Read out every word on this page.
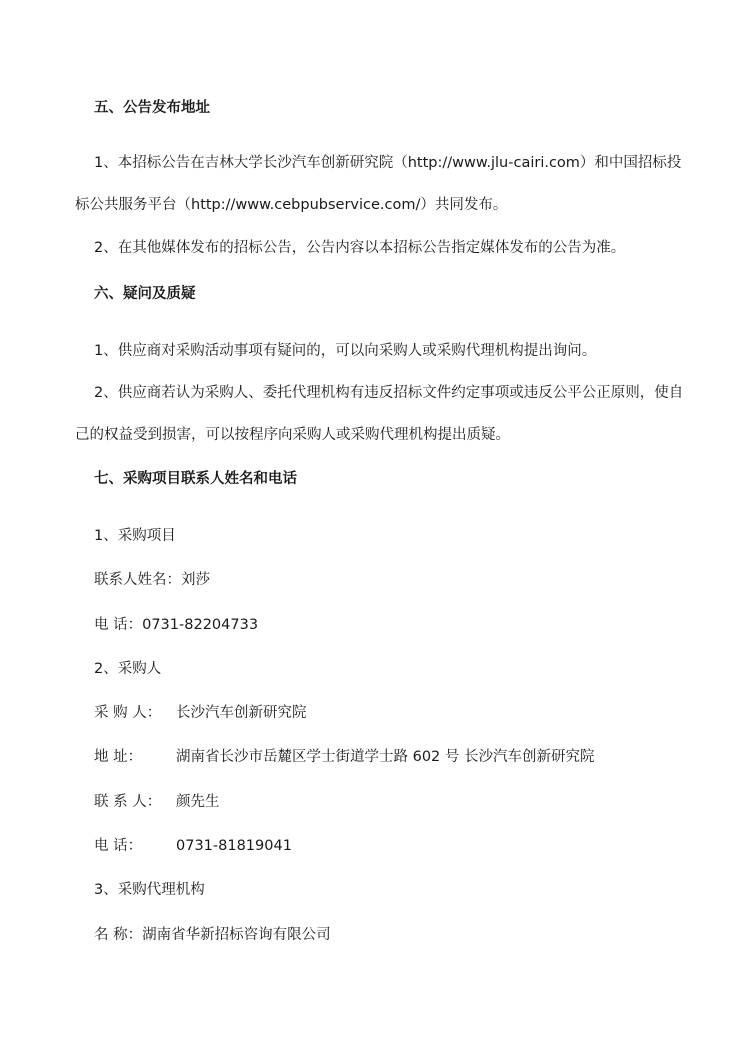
五、公告发布地址
1、本招标公告在吉林大学长沙汽车创新研究院（http://www.jlu-cairi.com）和中国招标投标公共服务平台（http://www.cebpubservice.com/）共同发布。
2、在其他媒体发布的招标公告，公告内容以本招标公告指定媒体发布的公告为准。
六、疑问及质疑
1、供应商对采购活动事项有疑问的，可以向采购人或采购代理机构提出询问。
2、供应商若认为采购人、委托代理机构有违反招标文件约定事项或违反公平公正原则，使自己的权益受到损害，可以按程序向采购人或采购代理机构提出质疑。
七、采购项目联系人姓名和电话
1、采购项目
联系人姓名：刘莎
电 话：0731-82204733
2、采购人
采 购 人：	长沙汽车创新研究院
地 址：	湖南省长沙市岳麓区学士街道学士路 602 号 长沙汽车创新研究院
联 系 人：	颜先生
电 话：	0731-81819041
3、采购代理机构
名 称：湖南省华新招标咨询有限公司
